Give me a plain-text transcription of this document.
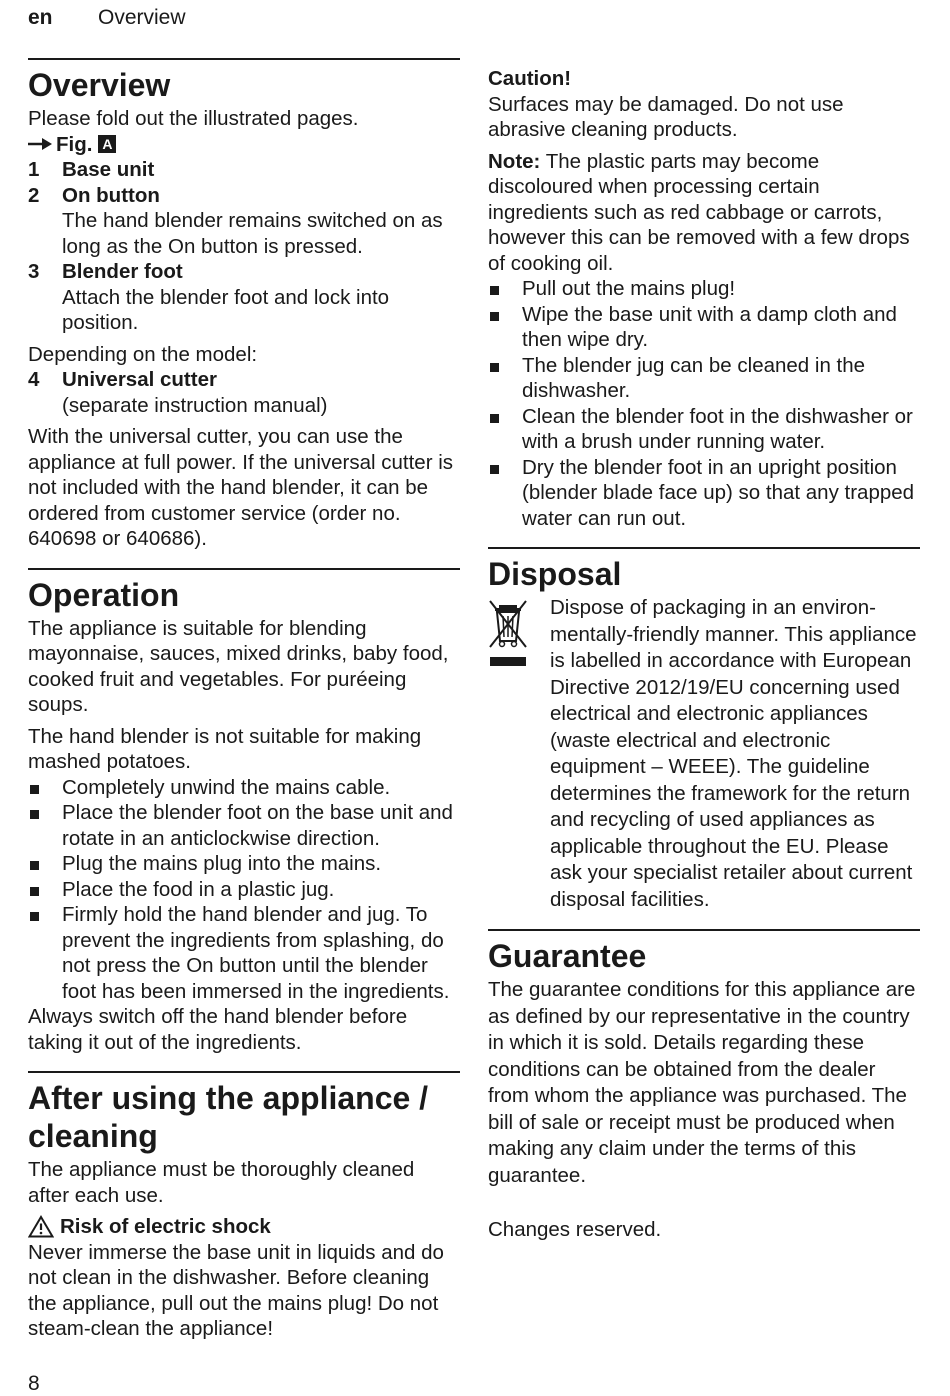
en Overview
Overview

Please fold out the illustrated pages.

Fig. A
1 Base unit
2 On button
The hand blender remains switched on as long as the On button is pressed.
3 Blender foot
Attach the blender foot and lock into position.

Depending on the model:

4 Universal cutter
(separate instruction manual)

With the universal cutter, you can use the appliance at full power. If the universal cutter is not included with the hand blender, it can be ordered from customer service (order no. 640698 or 640686).

Operation

The appliance is suitable for blending mayonnaise, sauces, mixed drinks, baby food, cooked fruit and vegetables. For puréeing soups.

The hand blender is not suitable for making mashed potatoes.

Completely unwind the mains cable.
Place the blender foot on the base unit and rotate in an anticlockwise direction.
Plug the mains plug into the mains.
Place the food in a plastic jug.
Firmly hold the hand blender and jug. To prevent the ingredients from splashing, do not press the On button until the blender foot has been immersed in the ingredients.

Always switch off the hand blender before taking it out of the ingredients.

After using the appliance / cleaning

The appliance must be thoroughly cleaned after each use.

Risk of electric shock

Never immerse the base unit in liquids and do not clean in the dishwasher. Before cleaning the appliance, pull out the mains plug! Do not steam-clean the appliance!

Caution!

Surfaces may be damaged. Do not use abrasive cleaning products.

Note: The plastic parts may become discoloured when processing certain ingredients such as red cabbage or carrots, however this can be removed with a few drops of cooking oil.

Pull out the mains plug!
Wipe the base unit with a damp cloth and then wipe dry.
The blender jug can be cleaned in the dishwasher.
Clean the blender foot in the dishwasher or with a brush under running water.
Dry the blender foot in an upright position (blender blade face up) so that any trapped water can run out.
Disposal

Dispose of packaging in an environmentally-friendly manner. This appliance is labelled in accordance with European Directive 2012/19/EU concerning used electrical and electronic appliances (waste electrical and electronic equipment – WEEE). The guideline determines the framework for the return and recycling of used appliances as applicable throughout the EU. Please ask your specialist retailer about current disposal facilities.

Guarantee

The guarantee conditions for this appliance are as defined by our representative in the country in which it is sold. Details regarding these conditions can be obtained from the dealer from whom the appliance was purchased. The bill of sale or receipt must be produced when making any claim under the terms of this guarantee.

Changes reserved.

8
